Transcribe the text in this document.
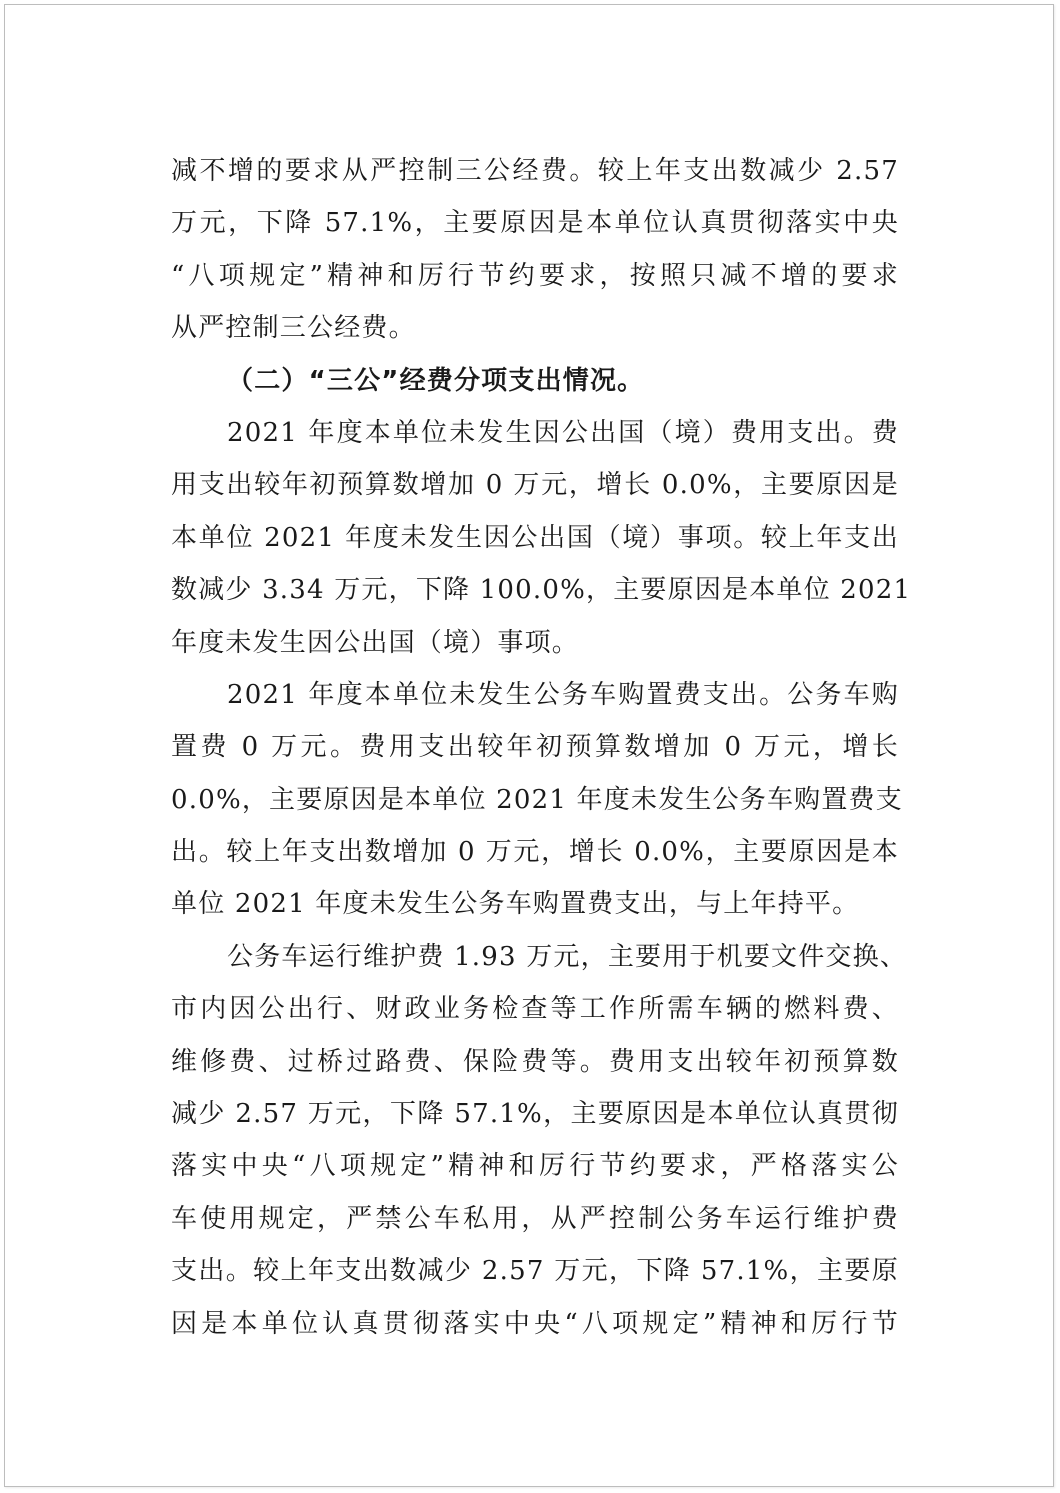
减不增的要求从严控制三公经费。较上年支出数减少 2.57
万元，下降 57.1%，主要原因是本单位认真贯彻落实中央
“八项规定”精神和厉行节约要求，按照只减不增的要求
从严控制三公经费。
（二）“三公”经费分项支出情况。
2021 年度本单位未发生因公出国（境）费用支出。费
用支出较年初预算数增加 0 万元，增长 0.0%，主要原因是
本单位 2021 年度未发生因公出国（境）事项。较上年支出
数减少 3.34 万元，下降 100.0%，主要原因是本单位 2021
年度未发生因公出国（境）事项。
2021 年度本单位未发生公务车购置费支出。公务车购
置费 0 万元。费用支出较年初预算数增加 0 万元，增长
0.0%，主要原因是本单位 2021 年度未发生公务车购置费支
出。较上年支出数增加 0 万元，增长 0.0%，主要原因是本
单位 2021 年度未发生公务车购置费支出，与上年持平。
公务车运行维护费 1.93 万元，主要用于机要文件交换、
市内因公出行、财政业务检查等工作所需车辆的燃料费、
维修费、过桥过路费、保险费等。费用支出较年初预算数
减少 2.57 万元，下降 57.1%，主要原因是本单位认真贯彻
落实中央“八项规定”精神和厉行节约要求，严格落实公
车使用规定，严禁公车私用，从严控制公务车运行维护费
支出。较上年支出数减少 2.57 万元，下降 57.1%，主要原
因是本单位认真贯彻落实中央“八项规定”精神和厉行节
